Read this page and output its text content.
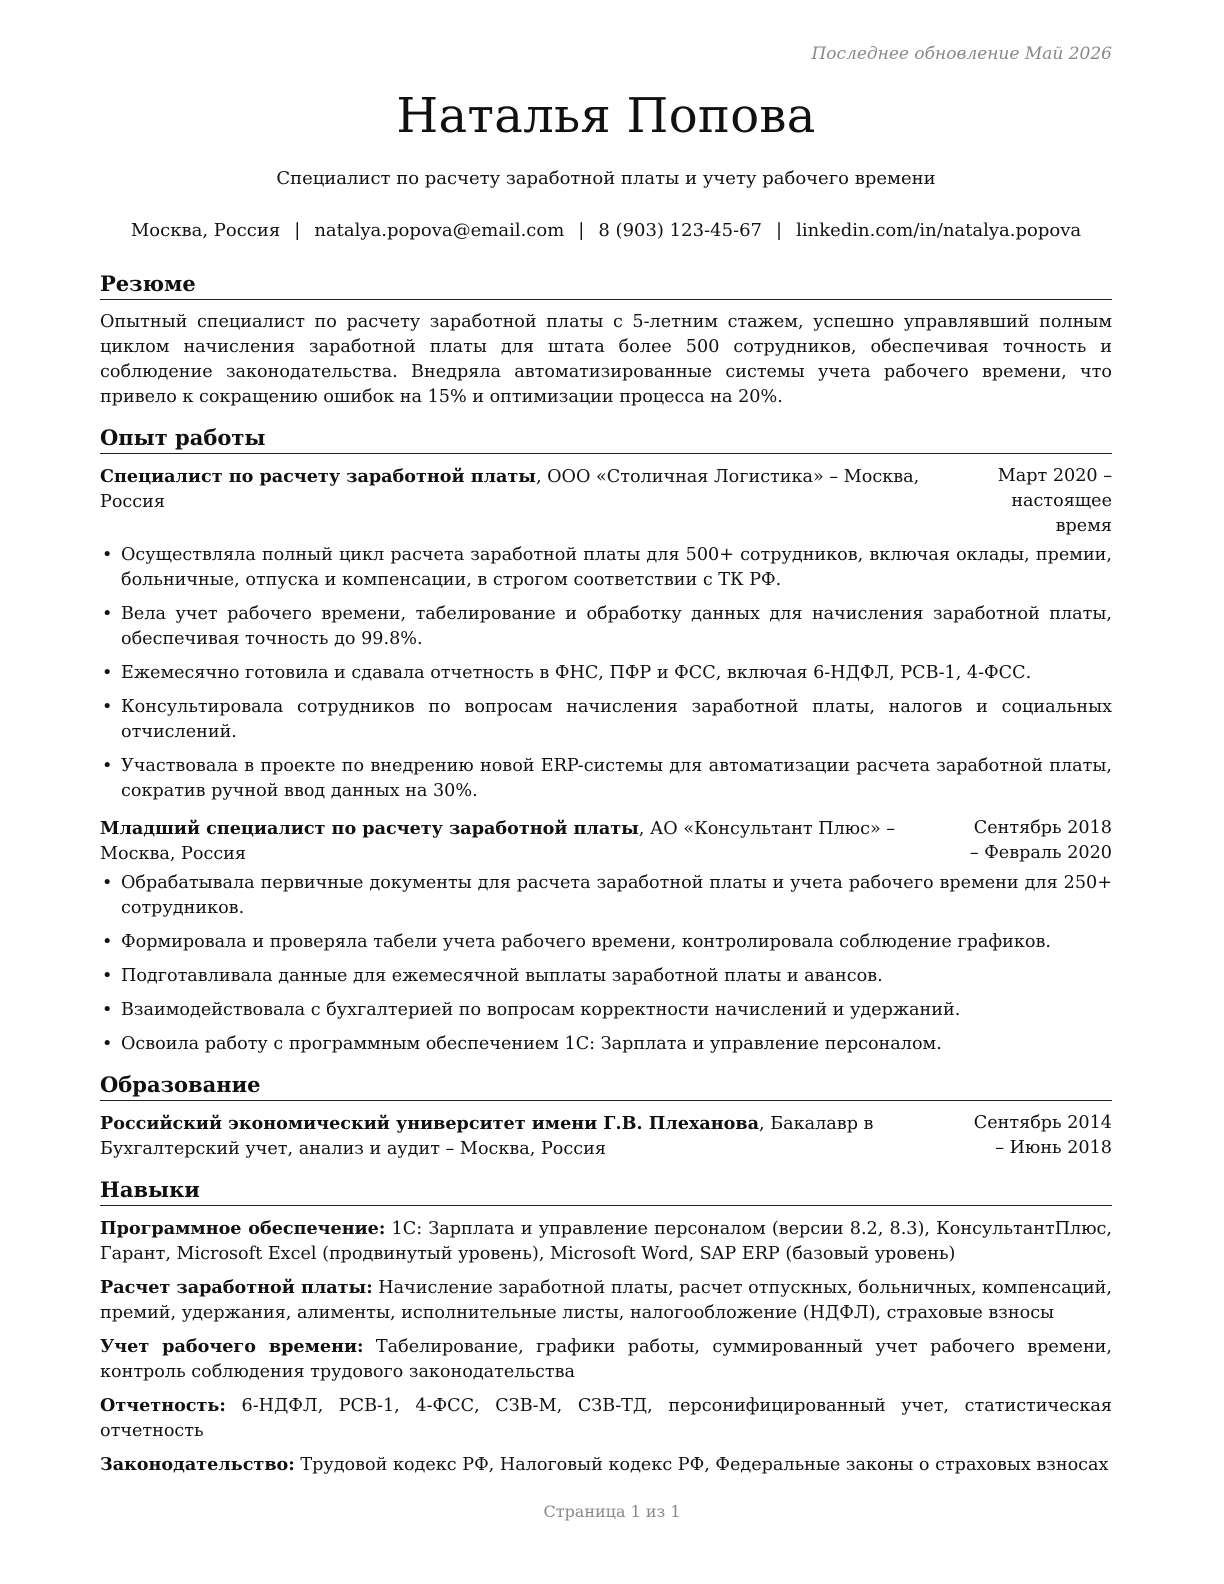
Последнее обновление Май 2026
Наталья Попова
Специалист по расчету заработной платы и учету рабочего времени
Москва, Россия | natalya.popova@email.com | 8 (903) 123-45-67 | linkedin.com/in/natalya.popova
Резюме

Опытный специалист по расчету заработной платы с 5-летним стажем, успешно управлявший полным циклом начисления заработной платы для штата более 500 сотрудников, обеспечивая точность и соблюдение законодательства. Внедряла автоматизированные системы учета рабочего времени, что привело к сокращению ошибок на 15% и оптимизации процесса на 20%.

Опыт работы
Специалист по расчету заработной платы, ООО «Столичная Логистика» – Москва, Россия
Март 2020 – настоящее время
• Осуществляла полный цикл расчета заработной платы для 500+ сотрудников, включая оклады, премии, больничные, отпуска и компенсации, в строгом соответствии с ТК РФ.
• Вела учет рабочего времени, табелирование и обработку данных для начисления заработной платы, обеспечивая точность до 99.8%.
• Ежемесячно готовила и сдавала отчетность в ФНС, ПФР и ФСС, включая 6-НДФЛ, РСВ-1, 4-ФСС.
• Консультировала сотрудников по вопросам начисления заработной платы, налогов и социальных отчислений.
• Участвовала в проекте по внедрению новой ERP-системы для автоматизации расчета заработной платы, сократив ручной ввод данных на 30%.
Младший специалист по расчету заработной платы, АО «Консультант Плюс» – Москва, Россия
Сентябрь 2018 – Февраль 2020
• Обрабатывала первичные документы для расчета заработной платы и учета рабочего времени для 250+ сотрудников.
• Формировала и проверяла табели учета рабочего времени, контролировала соблюдение графиков.
• Подготавливала данные для ежемесячной выплаты заработной платы и авансов.
• Взаимодействовала с бухгалтерией по вопросам корректности начислений и удержаний.
• Освоила работу с программным обеспечением 1С: Зарплата и управление персоналом.
Образование
Российский экономический университет имени Г.В. Плеханова, Бакалавр в Бухгалтерский учет, анализ и аудит – Москва, Россия
Сентябрь 2014 – Июнь 2018
Навыки
Программное обеспечение: 1С: Зарплата и управление персоналом (версии 8.2, 8.3), КонсультантПлюс, Гарант, Microsoft Excel (продвинутый уровень), Microsoft Word, SAP ERP (базовый уровень)
Расчет заработной платы: Начисление заработной платы, расчет отпускных, больничных, компенсаций, премий, удержания, алименты, исполнительные листы, налогообложение (НДФЛ), страховые взносы
Учет рабочего времени: Табелирование, графики работы, суммированный учет рабочего времени, контроль соблюдения трудового законодательства
Отчетность: 6-НДФЛ, РСВ-1, 4-ФСС, СЗВ-М, СЗВ-ТД, персонифицированный учет, статистическая отчетность
Законодательство: Трудовой кодекс РФ, Налоговый кодекс РФ, Федеральные законы о страховых взносах
Страница 1 из 1
